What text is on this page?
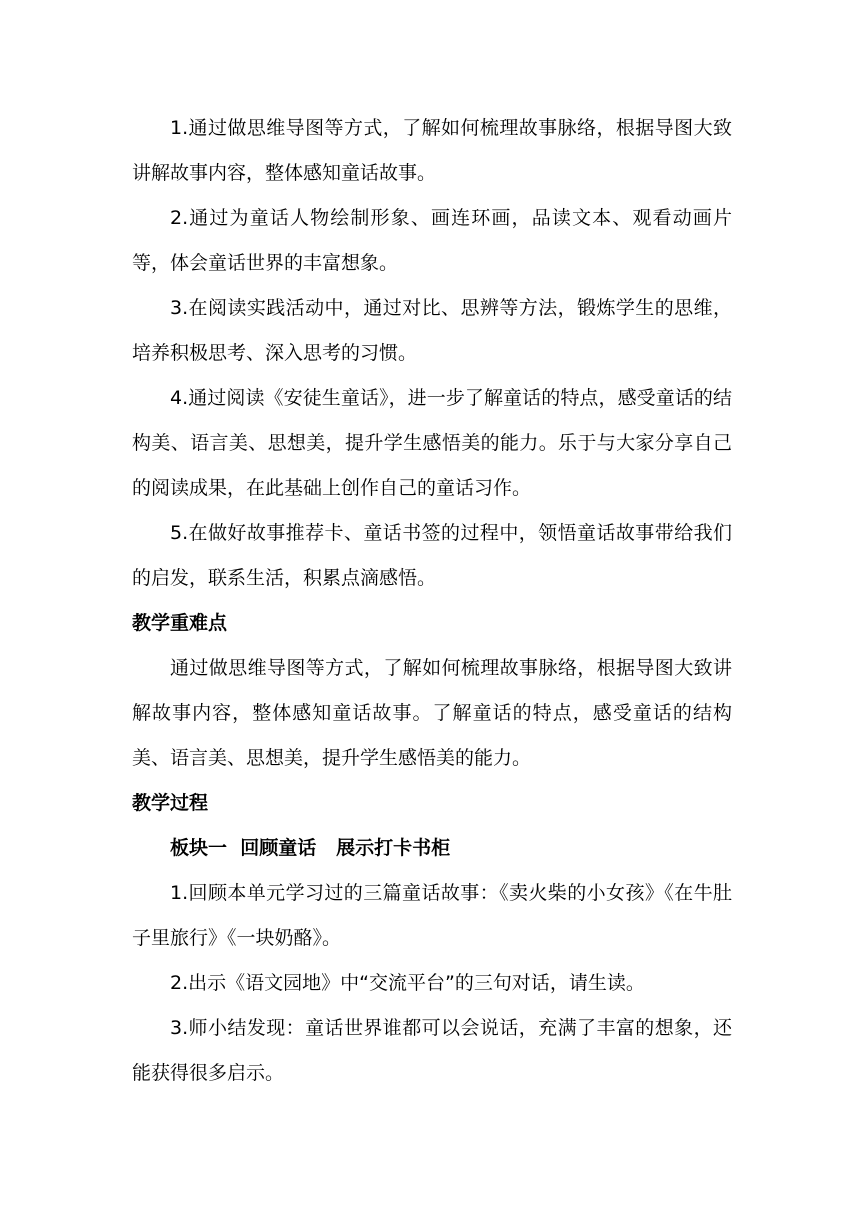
1.通过做思维导图等方式，了解如何梳理故事脉络，根据导图大致讲解故事内容，整体感知童话故事。

2.通过为童话人物绘制形象、画连环画，品读文本、观看动画片等，体会童话世界的丰富想象。

3.在阅读实践活动中，通过对比、思辨等方法，锻炼学生的思维，培养积极思考、深入思考的习惯。

4.通过阅读《安徒生童话》，进一步了解童话的特点，感受童话的结构美、语言美、思想美，提升学生感悟美的能力。乐于与大家分享自己的阅读成果，在此基础上创作自己的童话习作。

5.在做好故事推荐卡、童话书签的过程中，领悟童话故事带给我们的启发，联系生活，积累点滴感悟。

教学重难点

通过做思维导图等方式，了解如何梳理故事脉络，根据导图大致讲解故事内容，整体感知童话故事。了解童话的特点，感受童话的结构美、语言美、思想美，提升学生感悟美的能力。

教学过程

板块一  回顾童话   展示打卡书柜

1.回顾本单元学习过的三篇童话故事：《卖火柴的小女孩》《在牛肚子里旅行》《一块奶酪》。

2.出示《语文园地》中“交流平台”的三句对话，请生读。

3.师小结发现：童话世界谁都可以会说话，充满了丰富的想象，还能获得很多启示。
